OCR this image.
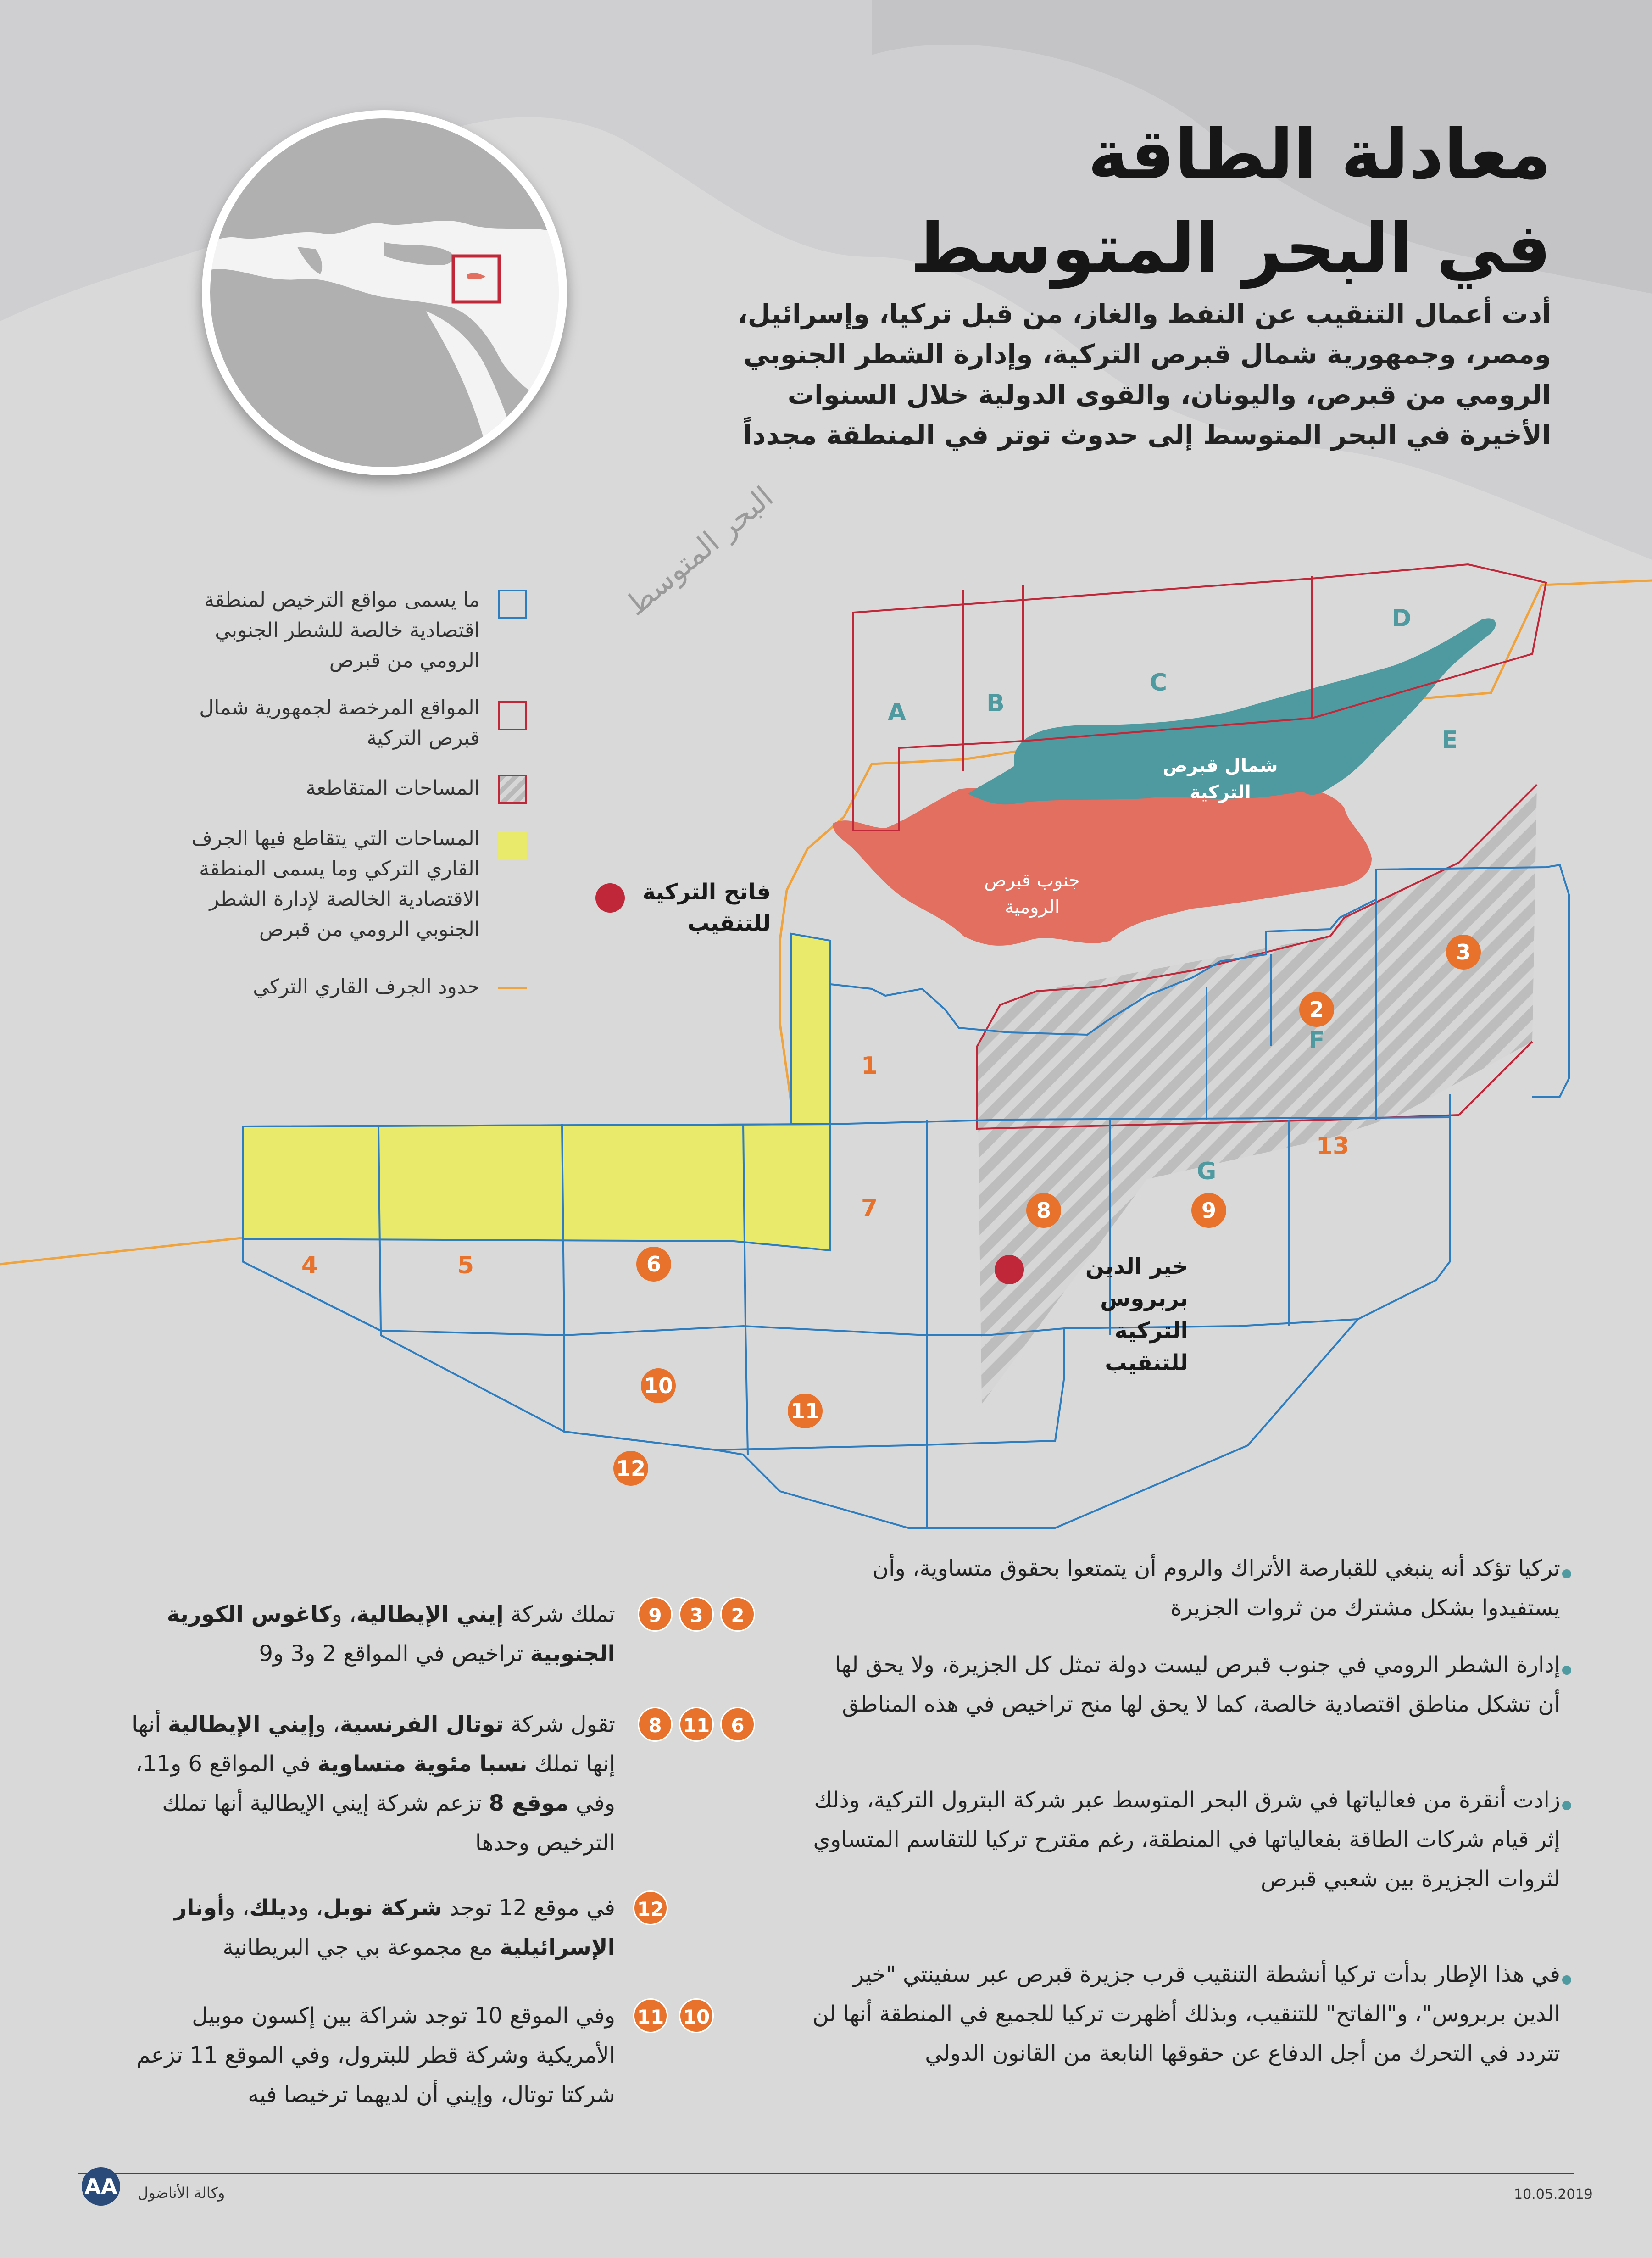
معادلة الطاقة
في البحر المتوسط
أدت أعمال التنقيب عن النفط والغاز، من قبل تركيا، وإسرائيل، ومصر، وجمهورية شمال قبرص التركية، وإدارة الشطر الجنوبي الرومي من قبرص، واليونان، والقوى الدولية خلال السنوات الأخيرة في البحر المتوسط إلى حدوث توتر في المنطقة مجدداً
A	B
C
D
E
F
G
1
4	5
7
13
2
3
6
8	9
10
11
12
البحر المتوسط
شمال قبرص التركية
جنوب قبرص الرومية
فاتح التركية للتنقيب
خير الدين بربروس التركية للتنقيب
ما يسمى مواقع الترخيص لمنطقة اقتصادية خالصة للشطر الجنوبي الرومي من قبرص
المواقع المرخصة لجمهورية شمال قبرص التركية
المساحات المتقاطعة
المساحات التي يتقاطع فيها الجرف القاري التركي وما يسمى المنطقة الاقتصادية الخالصة لإدارة الشطر الجنوبي الرومي من قبرص
حدود الجرف القاري التركي
تركيا تؤكد أنه ينبغي للقبارصة الأتراك والروم أن يتمتعوا بحقوق متساوية، وأن يستفيدوا بشكل مشترك من ثروات الجزيرة
إدارة الشطر الرومي في جنوب قبرص ليست دولة تمثل كل الجزيرة، ولا يحق لها أن تشكل مناطق اقتصادية خالصة، كما لا يحق لها منح تراخيص في هذه المناطق
زادت أنقرة من فعالياتها في شرق البحر المتوسط عبر شركة البترول التركية، وذلك إثر قيام شركات الطاقة بفعالياتها في المنطقة، رغم مقترح تركيا للتقاسم المتساوي لثروات الجزيرة بين شعبي قبرص
في هذا الإطار بدأت تركيا أنشطة التنقيب قرب جزيرة قبرص عبر سفينتي "خير الدين بربروس"، و"الفاتح" للتنقيب، وبذلك أظهرت تركيا للجميع في المنطقة أنها لن تتردد في التحرك من أجل الدفاع عن حقوقها النابعة من القانون الدولي
2
3
9
6
11
8
12
10
11
تملك شركة إيني الإيطالية، وكاغوس الكورية الجنوبية تراخيص في المواقع 2 و3 و9
تقول شركة توتال الفرنسية، وإيني الإيطالية أنها إنها تملك نسبا مئوية متساوية في المواقع 6 و11، وفي موقع 8 تزعم شركة إيني الإيطالية أنها تملك الترخيص وحدها
في موقع 12 توجد شركة نوبل، وديلك، وأونار الإسرائيلية مع مجموعة بي جي البريطانية
وفي الموقع 10 توجد شراكة بين إكسون موبيل الأمريكية وشركة قطر للبترول، وفي الموقع 11 تزعم شركتا توتال، وإيني أن لديهما ترخيصا فيه
AA وكالة الأناضول	10.05.2019
